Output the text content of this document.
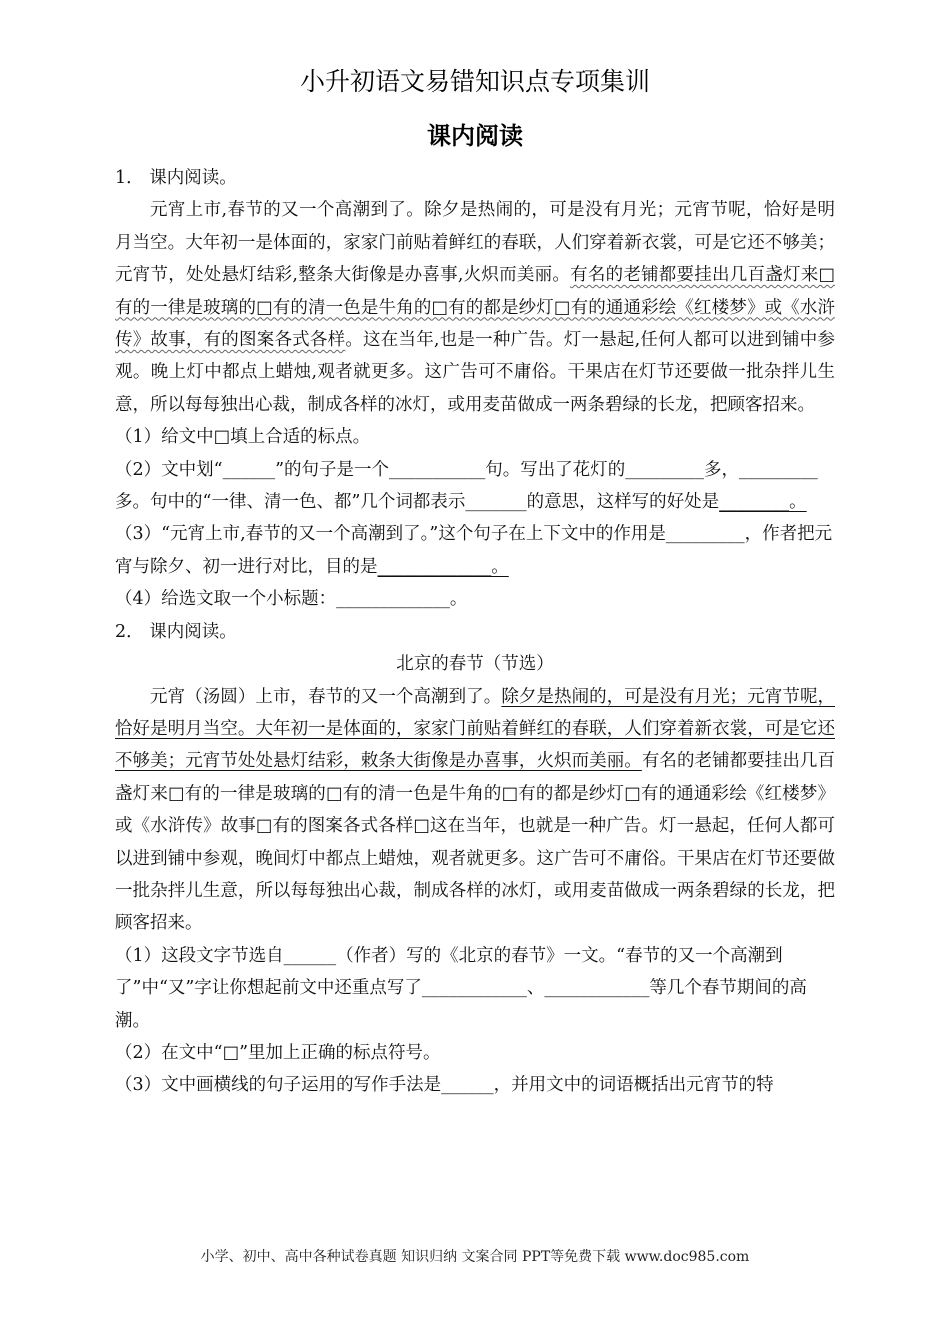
小升初语文易错知识点专项集训
课内阅读

1． 课内阅读。

元宵上市,春节的又一个高潮到了。除夕是热闹的，可是没有月光；元宵节呢，恰好是明月当空。大年初一是体面的，家家门前贴着鲜红的春联，人们穿着新衣裳，可是它还不够美；元宵节，处处悬灯结彩,整条大街像是办喜事,火炽而美丽。有名的老铺都要挂出几百盏灯来□有的一律是玻璃的□有的清一色是牛角的□有的都是纱灯□有的通通彩绘《红楼梦》或《水浒传》故事，有的图案各式各样。这在当年,也是一种广告。灯一悬起,任何人都可以进到铺中参观。晚上灯中都点上蜡烛,观者就更多。这广告可不庸俗。干果店在灯节还要做一批杂拌儿生意，所以每每独出心裁，制成各样的冰灯，或用麦苗做成一两条碧绿的长龙，把顾客招来。

（1）给文中□填上合适的标点。

（2）文中划“______”的句子是一个___________句。写出了花灯的_________多，_________多。句中的“一律、清一色、都”几个词都表示_______的意思，这样写的好处是________。

（3）“元宵上市,春节的又一个高潮到了。”这个句子在上下文中的作用是_________，作者把元宵与除夕、初一进行对比，目的是_____________。

（4）给选文取一个小标题：_____________。

2． 课内阅读。

北京的春节（节选）

元宵（汤圆）上市，春节的又一个高潮到了。除夕是热闹的，可是没有月光；元宵节呢，恰好是明月当空。大年初一是体面的，家家门前贴着鲜红的春联，人们穿着新衣裳，可是它还不够美；元宵节处处悬灯结彩，敕条大街像是办喜事，火炽而美丽。有名的老铺都要挂出几百盏灯来□有的一律是玻璃的□有的清一色是牛角的□有的都是纱灯□有的通通彩绘《红楼梦》或《水浒传》故事□有的图案各式各样□这在当年，也就是一种广告。灯一悬起，任何人都可以进到铺中参观，晚间灯中都点上蜡烛，观者就更多。这广告可不庸俗。干果店在灯节还要做一批杂拌儿生意，所以每每独出心裁，制成各样的冰灯，或用麦苗做成一两条碧绿的长龙，把顾客招来。

（1）这段文字节选自______（作者）写的《北京的春节》一文。“春节的又一个高潮到了”中“又”字让你想起前文中还重点写了____________、____________等几个春节期间的高潮。

（2）在文中“□”里加上正确的标点符号。

（3）文中画横线的句子运用的写作手法是______，并用文中的词语概括出元宵节的特

小学、初中、高中各种试卷真题 知识归纳 文案合同 PPT等免费下载 www.doc985.com
